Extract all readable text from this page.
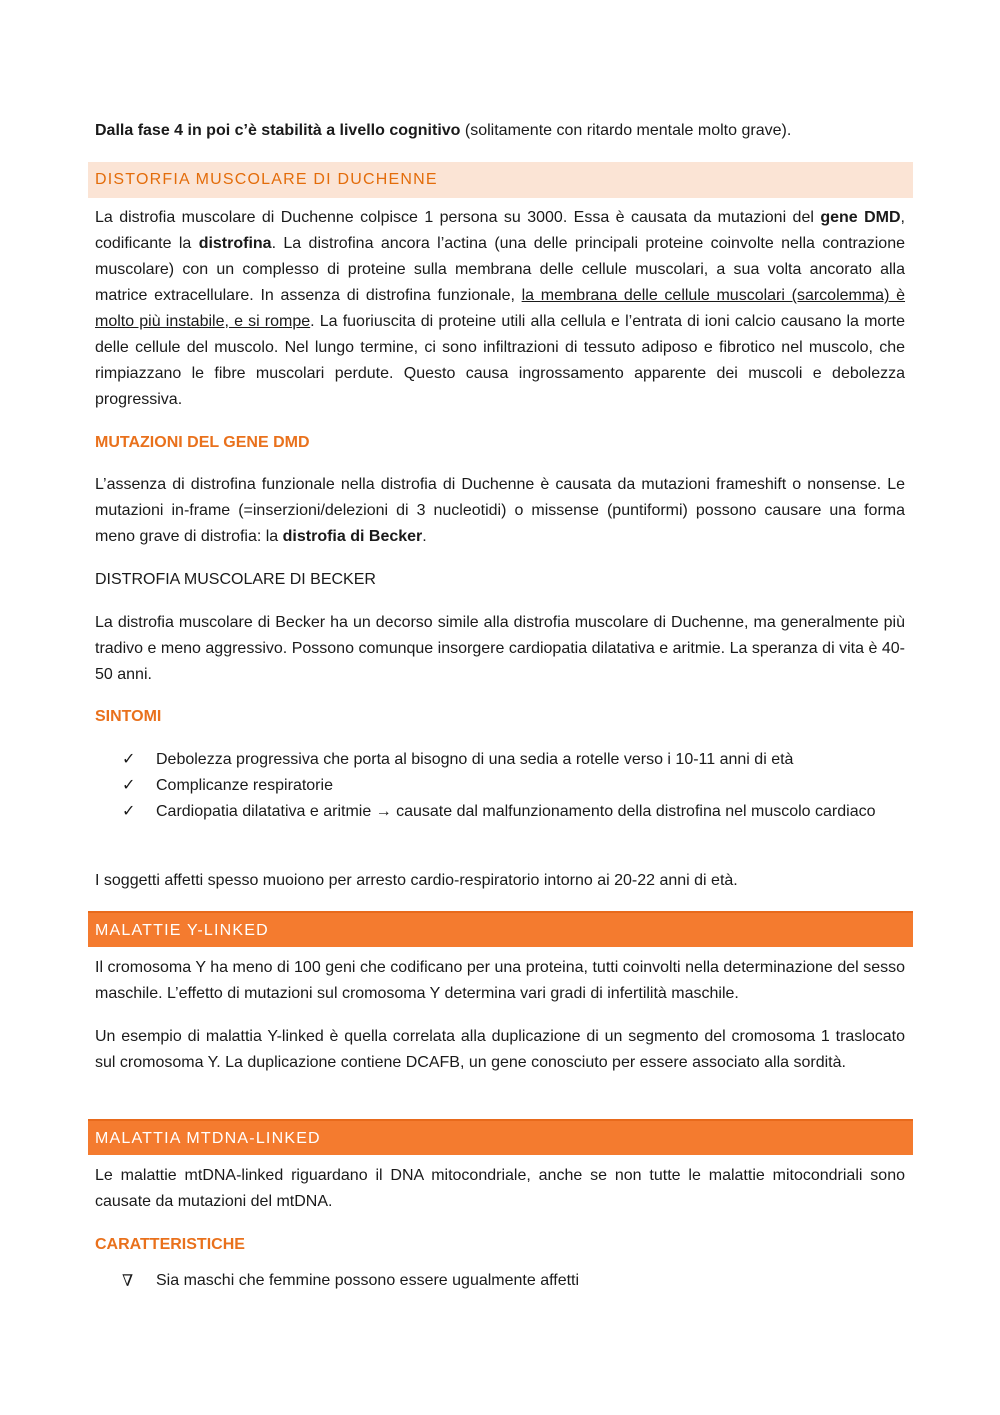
Dalla fase 4 in poi c’è stabilità a livello cognitivo (solitamente con ritardo mentale molto grave).

DISTORFIA MUSCOLARE DI DUCHENNE

La distrofia muscolare di Duchenne colpisce 1 persona su 3000. Essa è causata da mutazioni del gene DMD, codificante la distrofina. La distrofina ancora l’actina (una delle principali proteine coinvolte nella contrazione muscolare) con un complesso di proteine sulla membrana delle cellule muscolari, a sua volta ancorato alla matrice extracellulare. In assenza di distrofina funzionale, la membrana delle cellule muscolari (sarcolemma) è molto più instabile, e si rompe. La fuoriuscita di proteine utili alla cellula e l’entrata di ioni calcio causano la morte delle cellule del muscolo. Nel lungo termine, ci sono infiltrazioni di tessuto adiposo e fibrotico nel muscolo, che rimpiazzano le fibre muscolari perdute. Questo causa ingrossamento apparente dei muscoli e debolezza progressiva.

MUTAZIONI DEL GENE DMD

L’assenza di distrofina funzionale nella distrofia di Duchenne è causata da mutazioni frameshift o nonsense. Le mutazioni in-frame (=inserzioni/delezioni di 3 nucleotidi) o missense (puntiformi) possono causare una forma meno grave di distrofia: la distrofia di Becker.

DISTROFIA MUSCOLARE DI BECKER

La distrofia muscolare di Becker ha un decorso simile alla distrofia muscolare di Duchenne, ma generalmente più tradivo e meno aggressivo. Possono comunque insorgere cardiopatia dilatativa e aritmie. La speranza di vita è 40-50 anni.

SINTOMI
✓	Debolezza progressiva che porta al bisogno di una sedia a rotelle verso i 10-11 anni di età
✓	Complicanze respiratorie
✓	Cardiopatia dilatativa e aritmie → causate dal malfunzionamento della distrofina nel muscolo cardiaco

I soggetti affetti spesso muoiono per arresto cardio-respiratorio intorno ai 20-22 anni di età.

MALATTIE Y-LINKED

Il cromosoma Y ha meno di 100 geni che codificano per una proteina, tutti coinvolti nella determinazione del sesso maschile. L’effetto di mutazioni sul cromosoma Y determina vari gradi di infertilità maschile.

Un esempio di malattia Y-linked è quella correlata alla duplicazione di un segmento del cromosoma 1 traslocato sul cromosoma Y. La duplicazione contiene DCAFB, un gene conosciuto per essere associato alla sordità.

MALATTIA MTDNA-LINKED

Le malattie mtDNA-linked riguardano il DNA mitocondriale, anche se non tutte le malattie mitocondriali sono causate da mutazioni del mtDNA.

CARATTERISTICHE
∇	Sia maschi che femmine possono essere ugualmente affetti
